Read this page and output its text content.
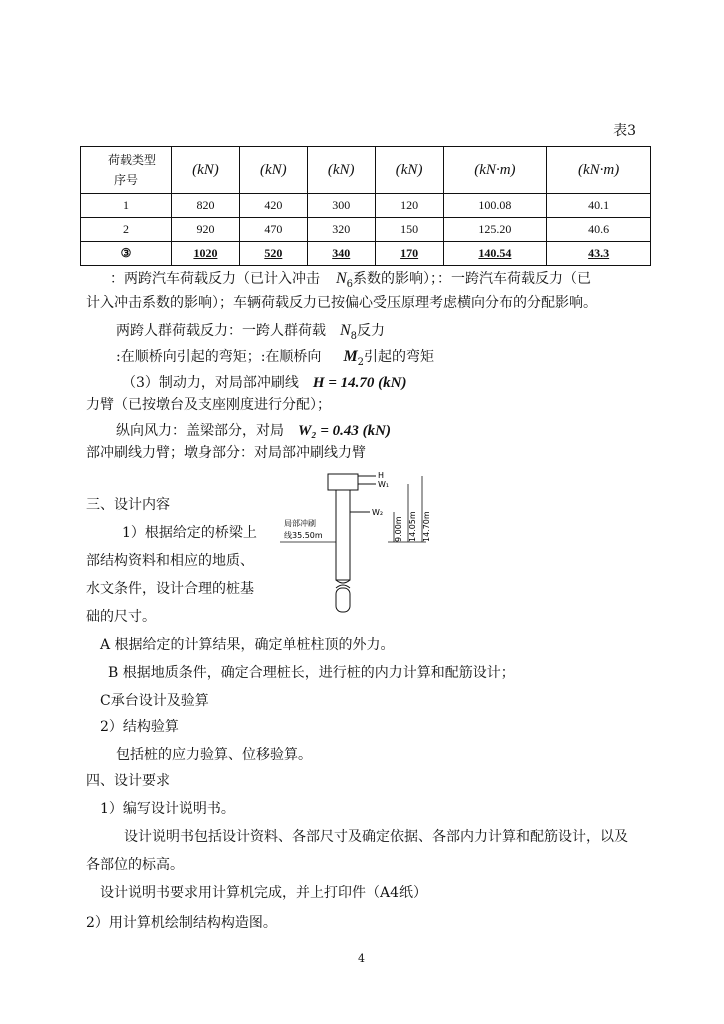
表3
荷载类型
序号	(kN)	(kN)	(kN)	(kN)	(kN·m)	(kN·m)
1	820	420	300	120	100.08	40.1
2	920	470	320	150	125.20	40.6
③	1020	520	340	170	140.54	43.3
：两跨汽车荷载反力（已计入冲击 $N_6$系数的影响）；：一跨汽车荷载反力（已
计入冲击系数的影响）；车辆荷载反力已按偏心受压原理考虑横向分布的分配影响。
两跨人群荷载反力：一跨人群荷载 $N_8$反力
:在顺桥向引起的弯矩；:在顺桥向 $M_2$引起的弯矩
（3）制动力，对局部冲刷线 H = 14.70 (kN)
力臂（已按墩台及支座刚度进行分配）；
纵向风力：盖梁部分，对局 W₂ = 0.43 (kN)
部冲刷线力臂；墩身部分：对局部冲刷线力臂
三、设计内容
1）根据给定的桥梁上
部结构资料和相应的地质、
水文条件，设计合理的桩基
础的尺寸。
H
W₁
W₂
局部冲刷
线35.50m	9.00m 14.05m 14.70m
A 根据给定的计算结果，确定单桩柱顶的外力。
B 根据地质条件，确定合理桩长，进行桩的内力计算和配筋设计；
C承台设计及验算
2）结构验算
包括桩的应力验算、位移验算。
四、设计要求
1）编写设计说明书。
设计说明书包括设计资料、各部尺寸及确定依据、各部内力计算和配筋设计，以及
各部位的标高。
设计说明书要求用计算机完成，并上打印件（A4纸）
2）用计算机绘制结构构造图。
4
